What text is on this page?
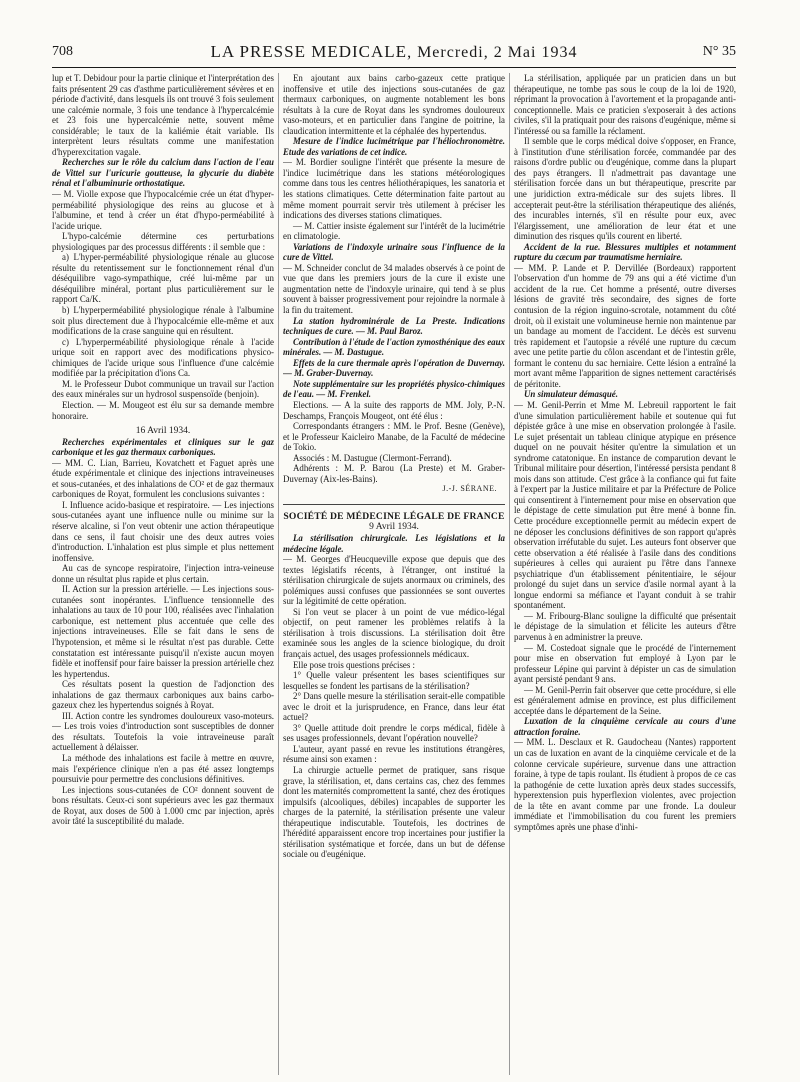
708	LA PRESSE MEDICALE, Mercredi, 2 Mai 1934	N° 35

lup et T. Debidour pour la partie clinique et l'interprétation des faits présentent 29 cas d'asthme particulièrement sévères et en période d'activité, dans lesquels ils ont trouvé 3 fois seulement une calcémie normale, 3 fois une tendance à l'hypercalcémie et 23 fois une hypercalcémie nette, souvent même considérable; le taux de la kaliémie était variable. Ils interprètent leurs résultats comme une manifestation d'hyperexcitation vagale.

Recherches sur le rôle du calcium dans l'action de l'eau de Vittel sur l'uricurie goutteuse, la glycurie du diabète rénal et l'albuminurie orthostatique.

— M. Violle expose que l'hypocalcémie crée un état d'hyper-perméabilité physiologique des reins au glucose et à l'albumine, et tend à créer un état d'hypo-perméabilité à l'acide urique.

L'hypo-calcémie détermine ces perturbations physiologiques par des processus différents : il semble que :

a) L'hyper-perméabilité physiologique rénale au glucose résulte du retentissement sur le fonctionnement rénal d'un déséquilibre vago-sympathique, créé lui-même par un déséquilibre minéral, portant plus particulièrement sur le rapport Ca/K.

b) L'hyperperméabilité physiologique rénale à l'albumine soit plus directement due à l'hypocalcémie elle-même et aux modifications de la crase sanguine qui en résultent.

c) L'hyperperméabilité physiologique rénale à l'acide urique soit en rapport avec des modifications physico-chimiques de l'acide urique sous l'influence d'une calcémie modifiée par la précipitation d'ions Ca.

M. le Professeur Dubot communique un travail sur l'action des eaux minérales sur un hydrosol suspensoïde (benjoin).

Election. — M. Mougeot est élu sur sa demande membre honoraire.

16 Avril 1934.

Recherches expérimentales et cliniques sur le gaz carbonique et les gaz thermaux carboniques.

— MM. C. Lian, Barrieu, Kovatchett et Faguet après une étude expérimentale et clinique des injections intraveineuses et sous-cutanées, et des inhalations de CO² et de gaz thermaux carboniques de Royat, formulent les conclusions suivantes :

I. Influence acido-basique et respiratoire. — Les injections sous-cutanées ayant une influence nulle ou minime sur la réserve alcaline, si l'on veut obtenir une action thérapeutique dans ce sens, il faut choisir une des deux autres voies d'introduction. L'inhalation est plus simple et plus nettement inoffensive.

Au cas de syncope respiratoire, l'injection intra-veineuse donne un résultat plus rapide et plus certain.

II. Action sur la pression artérielle. — Les injections sous-cutanées sont inopérantes. L'influence tensionnelle des inhalations au taux de 10 pour 100, réalisées avec l'inhalation carbonique, est nettement plus accentuée que celle des injections intraveineuses. Elle se fait dans le sens de l'hypotension, et même si le résultat n'est pas durable. Cette constatation est intéressante puisqu'il n'existe aucun moyen fidèle et inoffensif pour faire baisser la pression artérielle chez les hypertendus.

Ces résultats posent la question de l'adjonction des inhalations de gaz thermaux carboniques aux bains carbo-gazeux chez les hypertendus soignés à Royat.

III. Action contre les syndromes douloureux vaso-moteurs. — Les trois voies d'introduction sont susceptibles de donner des résultats. Toutefois la voie intraveineuse paraît actuellement à délaisser.

La méthode des inhalations est facile à mettre en œuvre, mais l'expérience clinique n'en a pas été assez longtemps poursuivie pour permettre des conclusions définitives.

Les injections sous-cutanées de CO² donnent souvent de bons résultats. Ceux-ci sont supérieurs avec les gaz thermaux de Royat, aux doses de 500 à 1.000 cmc par injection, après avoir tâté la susceptibilité du malade.

En ajoutant aux bains carbo-gazeux cette pratique inoffensive et utile des injections sous-cutanées de gaz thermaux carboniques, on augmente notablement les bons résultats à la cure de Royat dans les syndromes douloureux vaso-moteurs, et en particulier dans l'angine de poitrine, la claudication intermittente et la céphalée des hypertendus.

Mesure de l'indice lucimétrique par l'héliochronomètre. Etude des variations de cet indice.

— M. Bordier souligne l'intérêt que présente la mesure de l'indice lucimétrique dans les stations météorologiques comme dans tous les centres héliothérapiques, les sanatoria et les stations climatiques. Cette détermination faite partout au même moment pourrait servir très utilement à préciser les indications des diverses stations climatiques.

— M. Cattier insiste également sur l'intérêt de la lucimétrie en climatologie.

Variations de l'indoxyle urinaire sous l'influence de la cure de Vittel.

— M. Schneider conclut de 34 malades observés à ce point de vue que dans les premiers jours de la cure il existe une augmentation nette de l'indoxyle urinaire, qui tend à se plus souvent à baisser progressivement pour rejoindre la normale à la fin du traitement.

La station hydrominérale de La Preste. Indications techniques de cure. — M. Paul Baroz.

Contribution à l'étude de l'action zymosthénique des eaux minérales. — M. Dastugue.

Effets de la cure thermale après l'opération de Duvernay. — M. Graber-Duvernay.

Note supplémentaire sur les propriétés physico-chimiques de l'eau. — M. Frenkel.

Elections. — A la suite des rapports de MM. Joly, P.-N. Deschamps, François Mougeot, ont été élus :

Correspondants étrangers : MM. le Prof. Besne (Genève), et le Professeur Kaicleiro Manabe, de la Faculté de médecine de Tokio.

Associés : M. Dastugue (Clermont-Ferrand).

Adhérents : M. P. Barou (La Preste) et M. Graber-Duvernay (Aix-les-Bains).

J.-J. SÉRANE.

SOCIÉTÉ DE MÉDECINE LÉGALE DE FRANCE

9 Avril 1934.

La stérilisation chirurgicale. Les législations et la médecine légale.

— M. Georges d'Heucqueville expose que depuis que des textes législatifs récents, à l'étranger, ont institué la stérilisation chirurgicale de sujets anormaux ou criminels, des polémiques aussi confuses que passionnées se sont ouvertes sur la légitimité de cette opération.

Si l'on veut se placer à un point de vue médico-légal objectif, on peut ramener les problèmes relatifs à la stérilisation à trois discussions. La stérilisation doit être examinée sous les angles de la science biologique, du droit français actuel, des usages professionnels médicaux.

Elle pose trois questions précises :

1° Quelle valeur présentent les bases scientifiques sur lesquelles se fondent les partisans de la stérilisation?

2° Dans quelle mesure la stérilisation serait-elle compatible avec le droit et la jurisprudence, en France, dans leur état actuel?

3° Quelle attitude doit prendre le corps médical, fidèle à ses usages professionnels, devant l'opération nouvelle?

L'auteur, ayant passé en revue les institutions étrangères, résume ainsi son examen :

La chirurgie actuelle permet de pratiquer, sans risque grave, la stérilisation, et, dans certains cas, chez des femmes dont les maternités compromettent la santé, chez des érotiques impulsifs (alcooliques, débiles) incapables de supporter les charges de la paternité, la stérilisation présente une valeur thérapeutique indiscutable. Toutefois, les doctrines de l'hérédité apparaissent encore trop incertaines pour justifier la stérilisation systématique et forcée, dans un but de défense sociale ou d'eugénique.

La stérilisation, appliquée par un praticien dans un but thérapeutique, ne tombe pas sous le coup de la loi de 1920, réprimant la provocation à l'avortement et la propagande anti-conceptionnelle. Mais ce praticien s'exposerait à des actions civiles, s'il la pratiquait pour des raisons d'eugénique, même si l'intéressé ou sa famille la réclament.

Il semble que le corps médical doive s'opposer, en France, à l'institution d'une stérilisation forcée, commandée par des raisons d'ordre public ou d'eugénique, comme dans la plupart des pays étrangers. Il n'admettrait pas davantage une stérilisation forcée dans un but thérapeutique, prescrite par une juridiction extra-médicale sur des sujets libres. Il accepterait peut-être la stérilisation thérapeutique des aliénés, des incurables internés, s'il en résulte pour eux, avec l'élargissement, une amélioration de leur état et une diminution des risques qu'ils courent en liberté.

Accident de la rue. Blessures multiples et notamment rupture du cæcum par traumatisme herniaire.

— MM. P. Lande et P. Dervillée (Bordeaux) rapportent l'observation d'un homme de 79 ans qui a été victime d'un accident de la rue. Cet homme a présenté, outre diverses lésions de gravité très secondaire, des signes de forte contusion de la région inguino-scrotale, notamment du côté droit, où il existait une volumineuse hernie non maintenue par un bandage au moment de l'accident. Le décès est survenu très rapidement et l'autopsie a révélé une rupture du cæcum avec une petite partie du côlon ascendant et de l'intestin grêle, formant le contenu du sac herniaire. Cette lésion a entraîné la mort avant même l'apparition de signes nettement caractérisés de péritonite.

Un simulateur démasqué.

— M. Genil-Perrin et Mme M. Lebreuil rapportent le fait d'une simulation particulièrement habile et soutenue qui fut dépistée grâce à une mise en observation prolongée à l'asile. Le sujet présentait un tableau clinique atypique en présence duquel on ne pouvait hésiter qu'entre la simulation et un syndrome catatonique. En instance de comparution devant le Tribunal militaire pour désertion, l'intéressé persista pendant 8 mois dans son attitude. C'est grâce à la confiance qui fut faite à l'expert par la Justice militaire et par la Préfecture de Police qui consentirent à l'internement pour mise en observation que le dépistage de cette simulation put être mené à bonne fin. Cette procédure exceptionnelle permit au médecin expert de ne déposer les conclusions définitives de son rapport qu'après observation irréfutable du sujet. Les auteurs font observer que cette observation a été réalisée à l'asile dans des conditions supérieures à celles qui auraient pu l'être dans l'annexe psychiatrique d'un établissement pénitentiaire, le séjour prolongé du sujet dans un service d'asile normal ayant à la longue endormi sa méfiance et l'ayant conduit à se trahir spontanément.

— M. Fribourg-Blanc souligne la difficulté que présentait le dépistage de la simulation et félicite les auteurs d'être parvenus à en administrer la preuve.

— M. Costedoat signale que le procédé de l'internement pour mise en observation fut employé à Lyon par le professeur Lépine qui parvint à dépister un cas de simulation ayant persisté pendant 9 ans.

— M. Genil-Perrin fait observer que cette procédure, si elle est généralement admise en province, est plus difficilement acceptée dans le département de la Seine.

Luxation de la cinquième cervicale au cours d'une attraction foraine.

— MM. L. Desclaux et R. Gaudocheau (Nantes) rapportent un cas de luxation en avant de la cinquième cervicale et de la colonne cervicale supérieure, survenue dans une attraction foraine, à type de tapis roulant. Ils étudient à propos de ce cas la pathogénie de cette luxation après deux stades successifs, hyperextension puis hyperflexion violentes, avec projection de la tête en avant comme par une fronde. La douleur immédiate et l'immobilisation du cou furent les premiers symptômes après une phase d'inhi-
